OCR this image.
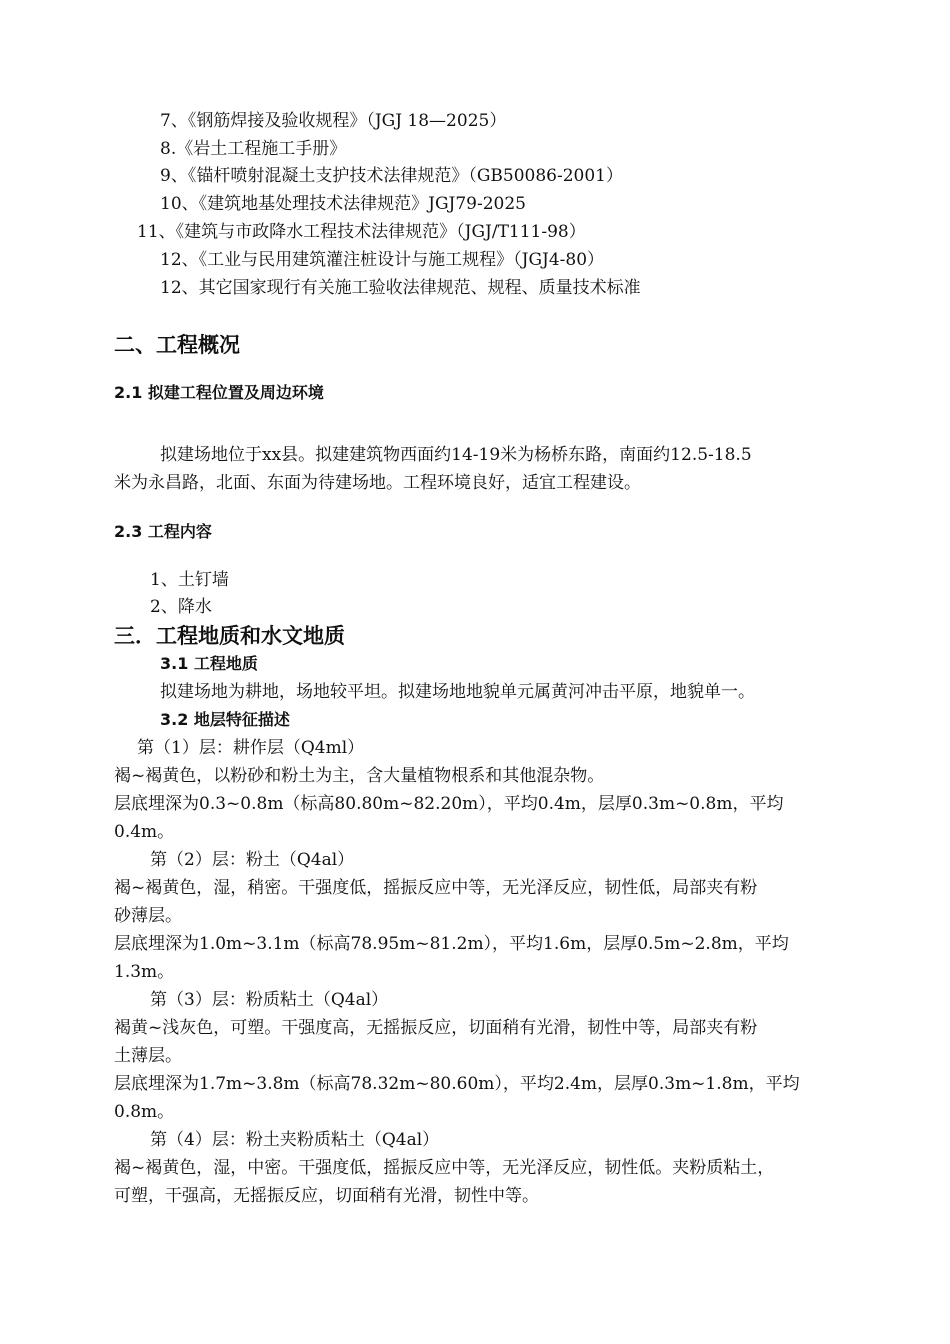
7、《钢筋焊接及验收规程》（JGJ 18—2025）
8.《岩土工程施工手册》
9、《锚杆喷射混凝土支护技术法律规范》（GB50086-2001）
10、《建筑地基处理技术法律规范》JGJ79-2025
11、《建筑与市政降水工程技术法律规范》（JGJ/T111-98）
12、《工业与民用建筑灌注桩设计与施工规程》（JGJ4-80）
12、其它国家现行有关施工验收法律规范、规程、质量技术标准
二、工程概况
2.1 拟建工程位置及周边环境
拟建场地位于xx县。拟建建筑物西面约14-19米为杨桥东路，南面约12.5-18.5
米为永昌路，北面、东面为待建场地。工程环境良好，适宜工程建设。
2.3 工程内容
1、土钉墙
2、降水
三．工程地质和水文地质
3.1 工程地质
拟建场地为耕地，场地较平坦。拟建场地地貌单元属黄河冲击平原，地貌单一。
3.2 地层特征描述
第（1）层：耕作层（Q4ml）
褐~褐黄色，以粉砂和粉土为主，含大量植物根系和其他混杂物。
层底埋深为0.3~0.8m（标高80.80m~82.20m），平均0.4m，层厚0.3m~0.8m，平均
0.4m。
第（2）层：粉土（Q4al）
褐~褐黄色，湿，稍密。干强度低，摇振反应中等，无光泽反应，韧性低，局部夹有粉
砂薄层。
层底埋深为1.0m~3.1m（标高78.95m~81.2m），平均1.6m，层厚0.5m~2.8m，平均
1.3m。
第（3）层：粉质粘土（Q4al）
褐黄~浅灰色，可塑。干强度高，无摇振反应，切面稍有光滑，韧性中等，局部夹有粉
土薄层。
层底埋深为1.7m~3.8m（标高78.32m~80.60m），平均2.4m，层厚0.3m~1.8m，平均
0.8m。
第（4）层：粉土夹粉质粘土（Q4al）
褐~褐黄色，湿，中密。干强度低，摇振反应中等，无光泽反应，韧性低。夹粉质粘土，
可塑，干强高，无摇振反应，切面稍有光滑，韧性中等。
